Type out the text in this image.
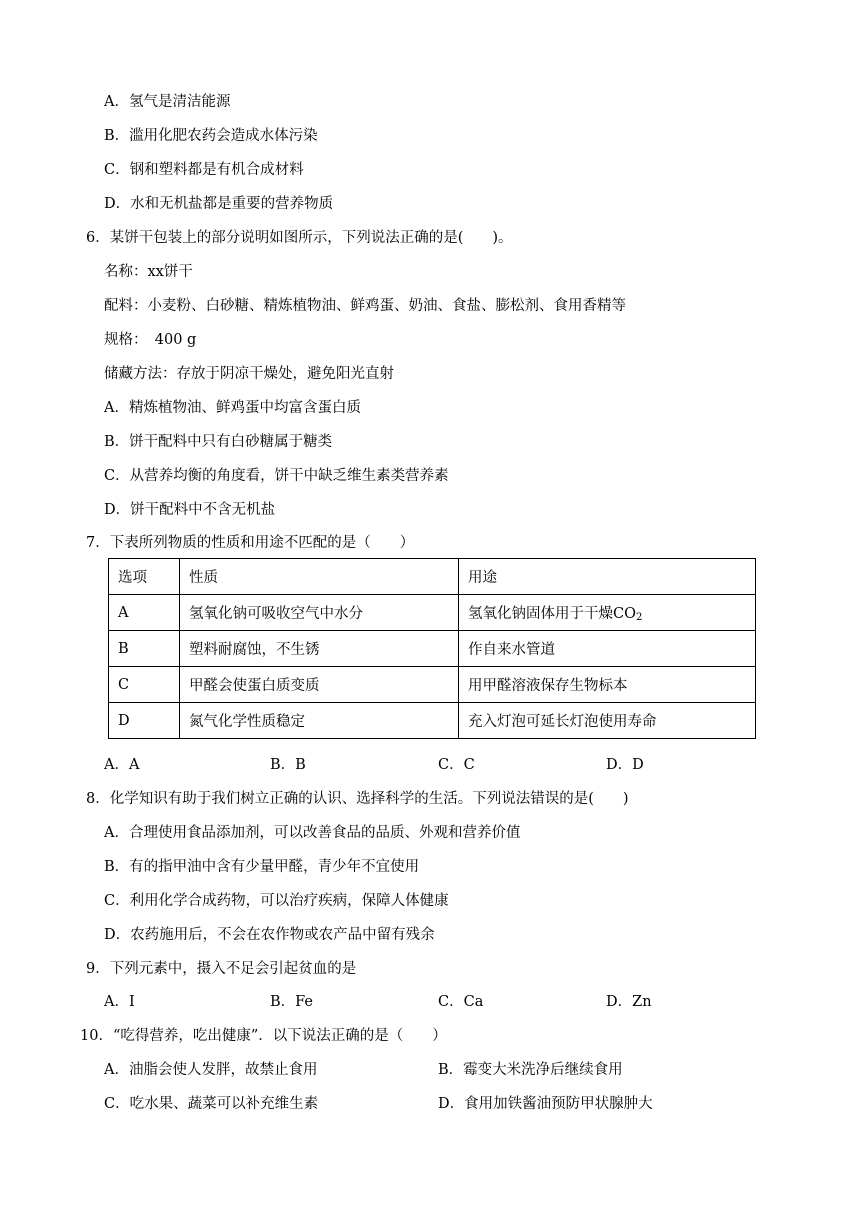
A．氢气是清洁能源
B．滥用化肥农药会造成水体污染
C．钢和塑料都是有机合成材料
D．水和无机盐都是重要的营养物质
6．某饼干包装上的部分说明如图所示，下列说法正确的是(　　)。
名称：xx饼干
配料：小麦粉、白砂糖、精炼植物油、鲜鸡蛋、奶油、食盐、膨松剂、食用香精等
规格：　400 g
储藏方法：存放于阴凉干燥处，避免阳光直射
A．精炼植物油、鲜鸡蛋中均富含蛋白质
B．饼干配料中只有白砂糖属于糖类
C．从营养均衡的角度看，饼干中缺乏维生素类营养素
D．饼干配料中不含无机盐
7．下表所列物质的性质和用途不匹配的是（　　）
选项	性质	用途
A	氢氧化钠可吸收空气中水分	氢氧化钠固体用于干燥$CO_2$
B	塑料耐腐蚀，不生锈	作自来水管道
C	甲醛会使蛋白质变质	用甲醛溶液保存生物标本
D	氮气化学性质稳定	充入灯泡可延长灯泡使用寿命
A．A	B．B	C．C	D．D
8．化学知识有助于我们树立正确的认识、选择科学的生活。下列说法错误的是(　　)
A．合理使用食品添加剂，可以改善食品的品质、外观和营养价值
B．有的指甲油中含有少量甲醛，青少年不宜使用
C．利用化学合成药物，可以治疗疾病，保障人体健康
D．农药施用后，不会在农作物或农产品中留有残余
9．下列元素中，摄入不足会引起贫血的是
A．I	B．Fe	C．Ca	D．Zn
10．“吃得营养，吃出健康”．以下说法正确的是（　　）
A．油脂会使人发胖，故禁止食用	B．霉变大米洗净后继续食用
C．吃水果、蔬菜可以补充维生素	D．食用加铁酱油预防甲状腺肿大
